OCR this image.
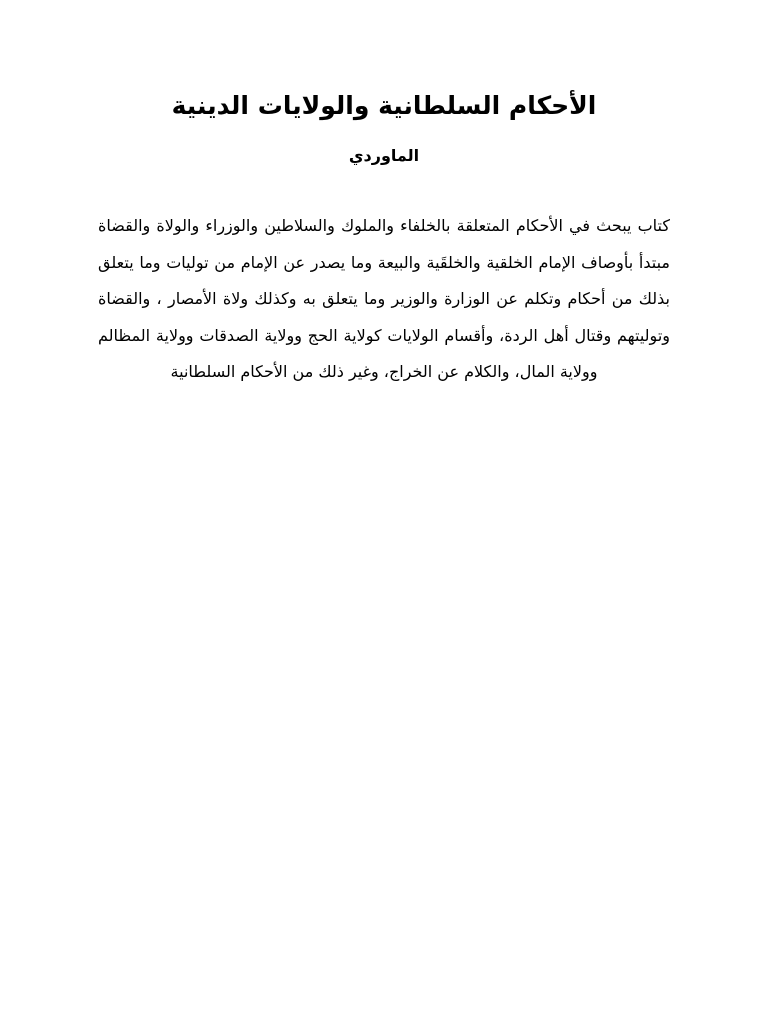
الأحكام السلطانية والولايات الدينية
الماوردي

كتاب يبحث في الأحكام المتعلقة بالخلفاء والملوك والسلاطين والوزراء والولاة والقضاة مبتدأ بأوصاف الإمام الخلقية والخلقَية والبيعة وما يصدر عن الإمام من توليات وما يتعلق بذلك من أحكام وتكلم عن الوزارة والوزير وما يتعلق به وكذلك ولاة الأمصار ، والقضاة وتوليتهم وقتال أهل الردة، وأقسام الولايات كولاية الحج وولاية الصدقات وولاية المظالم وولاية المال، والكلام عن الخراج، وغير ذلك من الأحكام السلطانية
